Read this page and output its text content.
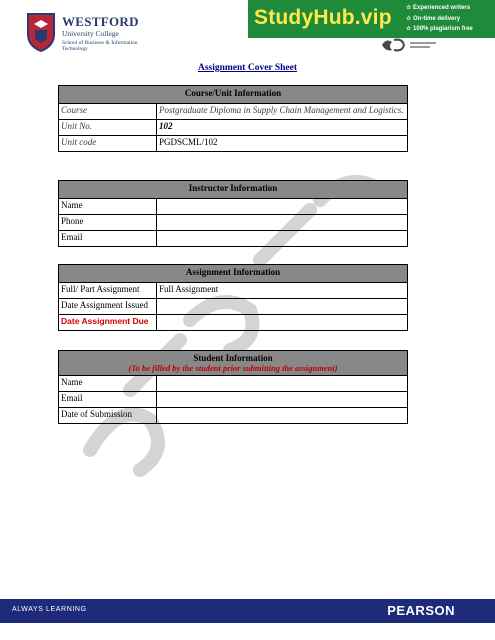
WESTFORD
University College
School of Business & Information Technology
StudyHub.vip ☆ Experienced writers
☆ On-time delivery
☆ 100% plagiarism free
Assignment Cover Sheet
Course/Unit Information	
Course	Postgraduate Diploma in Supply Chain Management and Logistics.
Unit No.	102
Unit code	PGDSCML/102
Instructor Information	
Name	
Phone	
Email	
Assignment Information	
Full/ Part Assignment	Full Assignment
Date Assignment Issued	
Date Assignment Due	
Student Information
(To be filled by the student prior submitting the assignment)	

Name	
Email	
Date of Submission	
ALWAYS LEARNING	PEARSON
